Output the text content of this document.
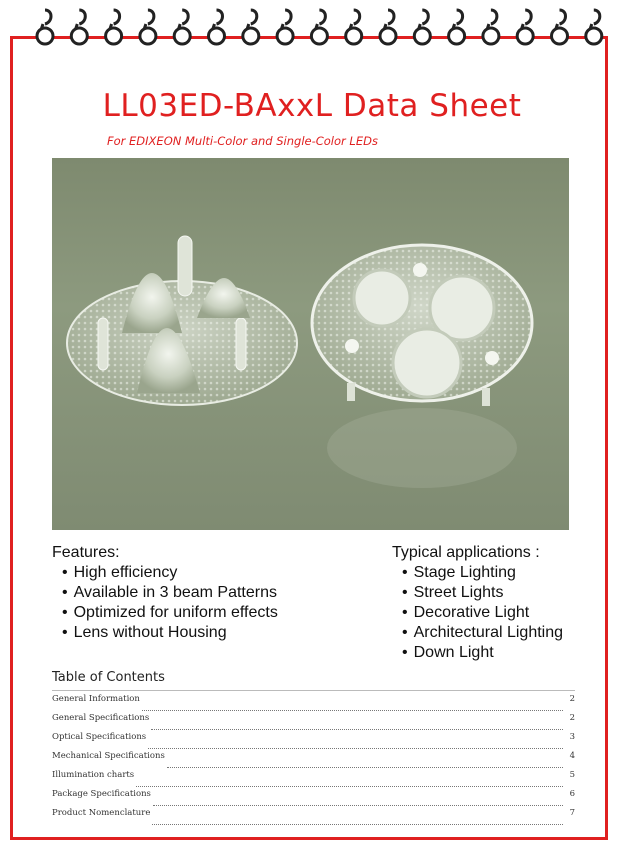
LL03ED-BAxxL Data Sheet
For EDIXEON Multi-Color and Single-Color LEDs
Features:
• High efficiency
• Available in 3 beam Patterns
• Optimized for uniform effects
• Lens without Housing
Typical applications :
• Stage Lighting
• Street Lights
• Decorative Light
• Architectural Lighting
• Down Light
Table of Contents
General Information	2
General Specifications	2
Optical Specifications	3
Mechanical Specifications	4
Illumination charts	5
Package Specifications	6
Product Nomenclature	7
